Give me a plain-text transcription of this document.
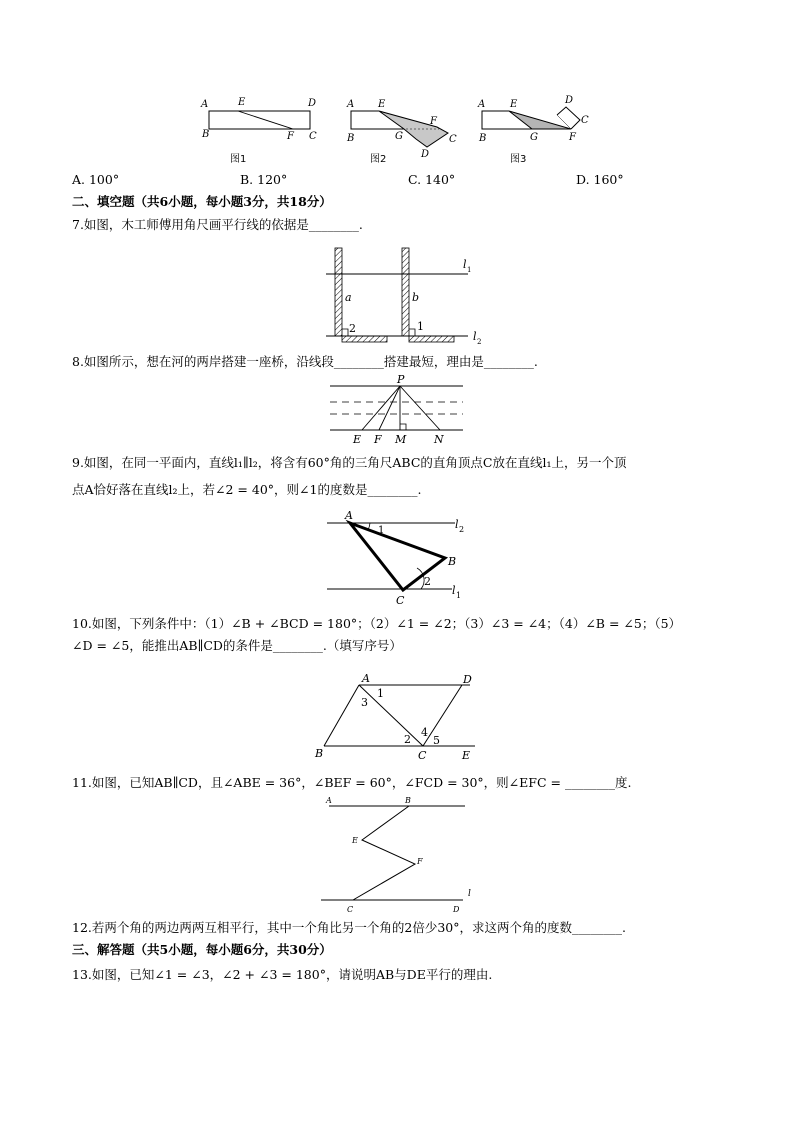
A	E	D
B	F C
A E
B	G
F
C
D
A E	D
C
B	G	F
图1	图2	图3
A. 100°	B. 120°	C. 140°	D. 160°
二、填空题（共6小题，每小题3分，共18分）
7.如图，木工师傅用角尺画平行线的依据是________.
a	b
2	1
l 1
l 2
8.如图所示，想在河的两岸搭建一座桥，沿线段________搭建最短，理由是________.
P
E F M	N
9.如图，在同一平面内，直线l₁∥l₂，将含有60°角的三角尺ABC的直角顶点C放在直线l₁上，另一个顶
点A恰好落在直线l₂上，若∠2 = 40°，则∠1的度数是________.
A
1
B
2
C
l 2
l 1
10.如图，下列条件中：（1）∠B + ∠BCD = 180°；（2）∠1 = ∠2；（3）∠3 = ∠4；（4）∠B = ∠5；（5）
∠D = ∠5，能推出AB∥CD的条件是________.（填写序号）
A	D
B	C	E
1
3
2
4
5
11.如图，已知AB∥CD，且∠ABE = 36°，∠BEF = 60°，∠FCD = 30°，则∠EFC = ________度.
A	B
E
F
C	D
l
12.若两个角的两边两两互相平行，其中一个角比另一个角的2倍少30°，求这两个角的度数________.
三、解答题（共5小题，每小题6分，共30分）
13.如图，已知∠1 = ∠3，∠2 + ∠3 = 180°，请说明AB与DE平行的理由.
